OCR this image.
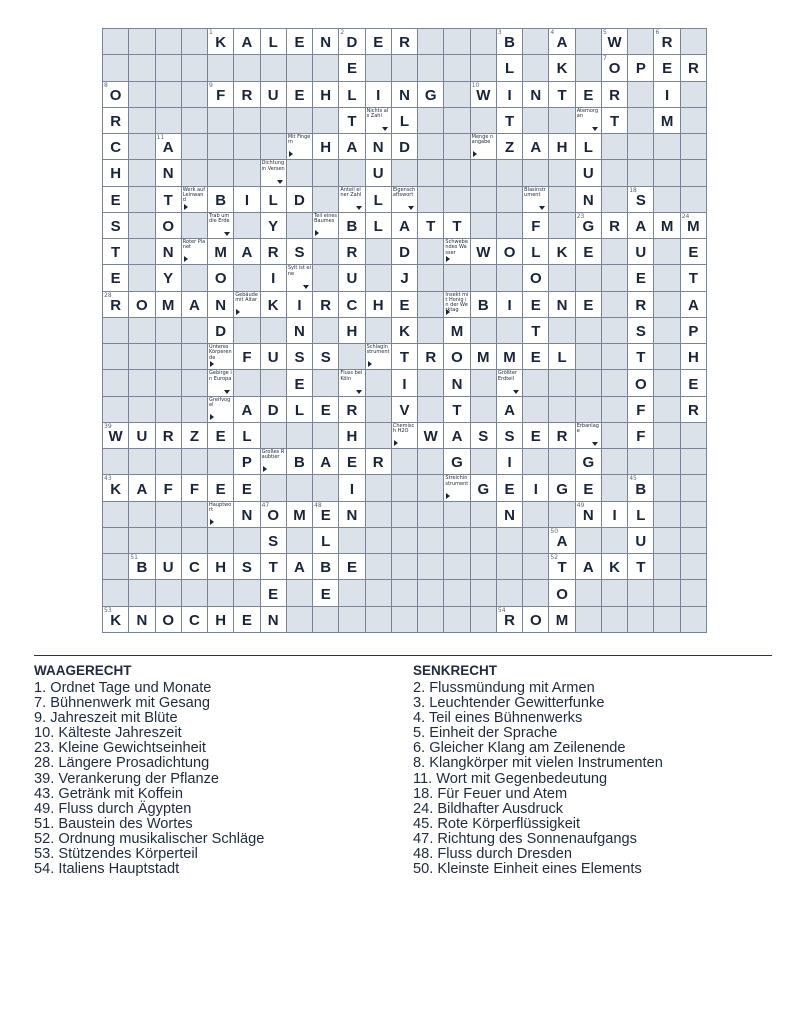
1
K	A	L	E	N
2
D	E	R
3
B
4
A
5
W
6
R
E	L	K
7
O	P	E	R
8
O
9
F	R	U	E	H	L	I	N	G
10
W	I	N	T	E	R	I
R	T
Nichts als Zahl	L	T
Atemorgan	T	M
C
11
A
Mit Fingern	H	A	N	D
Menge nangabe Z	A	H	L
H	N
Dichtung in Versen	U	U
E	T
Werk auf Leinwand	B	I	L	D
Anteil einer Zahl L
Eigenschaftswort
Blasinstrument	N
18
S
S	O
Trab um die Erde	Y
Teil eines Baumes B	L	A	T	T	F
23
G	R	A M
24
M
T	N
Roter Planet	M A	R	S	R	D
Schwebendes Wasser	W O	L	K	E	U	E
E	Y	O	I
Sylt ist eine	U	J	O	E	T
28
R	O M A	N
Gebäude mit Altar K	I	R	C	H	E
Insekt mit Honig in der Werktag	B	I	E	N	E	R	A
D	N	H	K	M	T	S	P
Unteres Körperende	F	U	S	S
Schlaginstrument T	R	O M M	E	L	T	H
Gebirge in Europa	E
Fluss bei Köln	I	N
Größter Erdteil	O	E
Greifvogel	A	D	L	E	R	V	T	A	F	R
39
W U	R	Z	E	L	H
Chemisch H2O	W A	S	S	E	R
Erbanlage	F
P
Großes Raubtier B	A	E	R	G	I	G
43
K	A	F	F	E	E	I
Streichinstrument G	E	I	G	E
45
B
Hauptwort	N
47
O M
48
E	N	N
49
N	I	L
S	L
50
A	U
51
B	U	C	H	S	T	A	B	E
52
T	A	K	T
E	E	O
53
K	N	O	C	H	E	N
54
R	O M
WAAGERECHT
1. Ordnet Tage und Monate
7. Bühnenwerk mit Gesang
9. Jahreszeit mit Blüte
10. Kälteste Jahreszeit
23. Kleine Gewichtseinheit
28. Längere Prosadichtung
39. Verankerung der Pflanze
43. Getränk mit Koffein
49. Fluss durch Ägypten
51. Baustein des Wortes
52. Ordnung musikalischer Schläge
53. Stützendes Körperteil
54. Italiens Hauptstadt
SENKRECHT
2. Flussmündung mit Armen
3. Leuchtender Gewitterfunke
4. Teil eines Bühnenwerks
5. Einheit der Sprache
6. Gleicher Klang am Zeilenende
8. Klangkörper mit vielen Instrumenten
11. Wort mit Gegenbedeutung
18. Für Feuer und Atem
24. Bildhafter Ausdruck
45. Rote Körperflüssigkeit
47. Richtung des Sonnenaufgangs
48. Fluss durch Dresden
50. Kleinste Einheit eines Elements
